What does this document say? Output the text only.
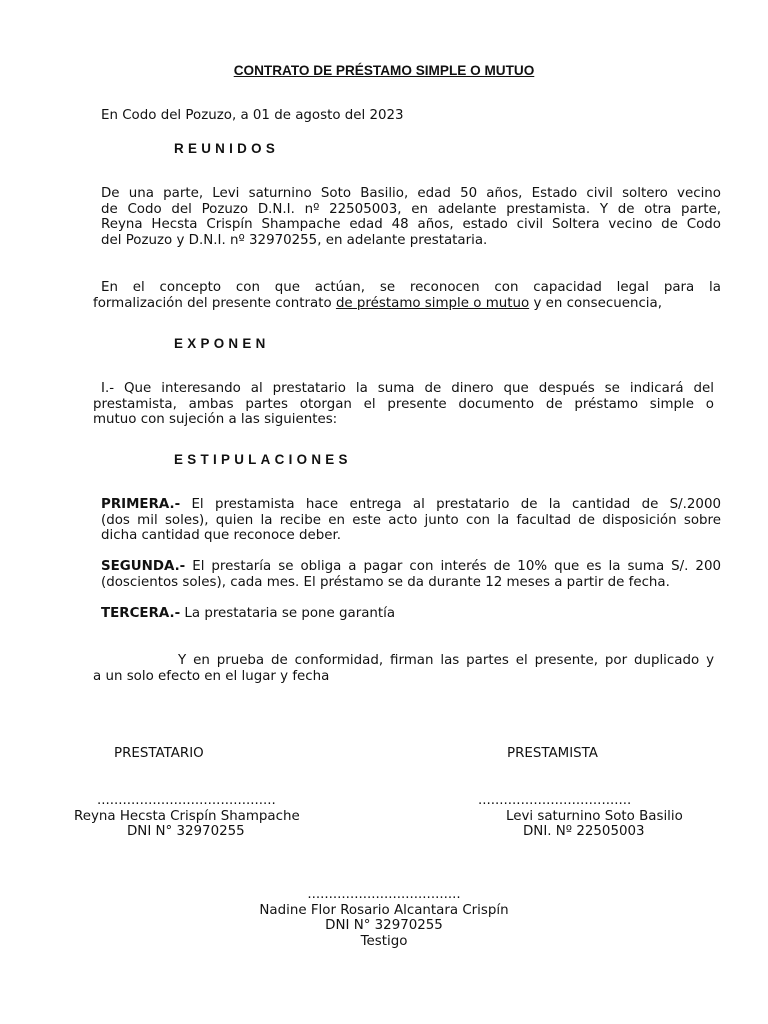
CONTRATO DE PRÉSTAMO SIMPLE O MUTUO
En Codo del Pozuzo, a 01 de agosto del 2023
REUNIDOS
De una parte, Levi saturnino Soto Basilio, edad 50 años, Estado civil soltero vecino
de Codo del Pozuzo D.N.I. nº 22505003, en adelante prestamista. Y de otra parte,
Reyna Hecsta Crispín Shampache edad 48 años, estado civil Soltera vecino de Codo
del Pozuzo y D.N.I. nº 32970255, en adelante prestataria.
En el concepto con que actúan, se reconocen con capacidad legal para la
formalización del presente contrato de préstamo simple o mutuo y en consecuencia,
EXPONEN
I.- Que interesando al prestatario la suma de dinero que después se indicará del
prestamista, ambas partes otorgan el presente documento de préstamo simple o
mutuo con sujeción a las siguientes:
ESTIPULACIONES
PRIMERA.- El prestamista hace entrega al prestatario de la cantidad de S/.2000
(dos mil soles), quien la recibe en este acto junto con la facultad de disposición sobre
dicha cantidad que reconoce deber.
SEGUNDA.- El prestaría se obliga a pagar con interés de 10% que es la suma S/. 200
(doscientos soles), cada mes. El préstamo se da durante 12 meses a partir de fecha.
TERCERA.- La prestataria se pone garantía
Y en prueba de conformidad, firman las partes el presente, por duplicado y
a un solo efecto en el lugar y fecha
PRESTATARIO	PRESTAMISTA
..........................................
Reyna Hecsta Crispín Shampache
DNI N° 32970255
....................................
Levi saturnino Soto Basilio
DNI. Nº 22505003
....................................
Nadine Flor Rosario Alcantara Crispín
DNI N° 32970255
Testigo
